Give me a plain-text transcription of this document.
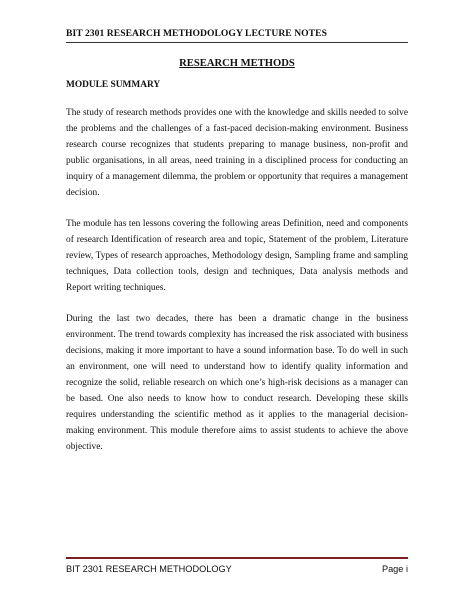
BIT 2301 RESEARCH METHODOLOGY LECTURE NOTES
RESEARCH METHODS
MODULE SUMMARY

The study of research methods provides one with the knowledge and skills needed to solve the problems and the challenges of a fast-paced decision-making environment. Business research course recognizes that students preparing to manage business, non-profit and public organisations, in all areas, need training in a disciplined process for conducting an inquiry of a management dilemma, the problem or opportunity that requires a management decision.

The module has ten lessons covering the following areas Definition, need and components of research Identification of research area and topic, Statement of the problem, Literature review, Types of research approaches, Methodology design, Sampling frame and sampling techniques, Data collection tools, design and techniques, Data analysis methods and Report writing techniques.

During the last two decades, there has been a dramatic change in the business environment. The trend towards complexity has increased the risk associated with business decisions, making it more important to have a sound information base. To do well in such an environment, one will need to understand how to identify quality information and recognize the solid, reliable research on which one’s high-risk decisions as a manager can be based. One also needs to know how to conduct research. Developing these skills requires understanding the scientific method as it applies to the managerial decision-making environment. This module therefore aims to assist students to achieve the above objective.

BIT 2301 RESEARCH METHODOLOGY	Page i
